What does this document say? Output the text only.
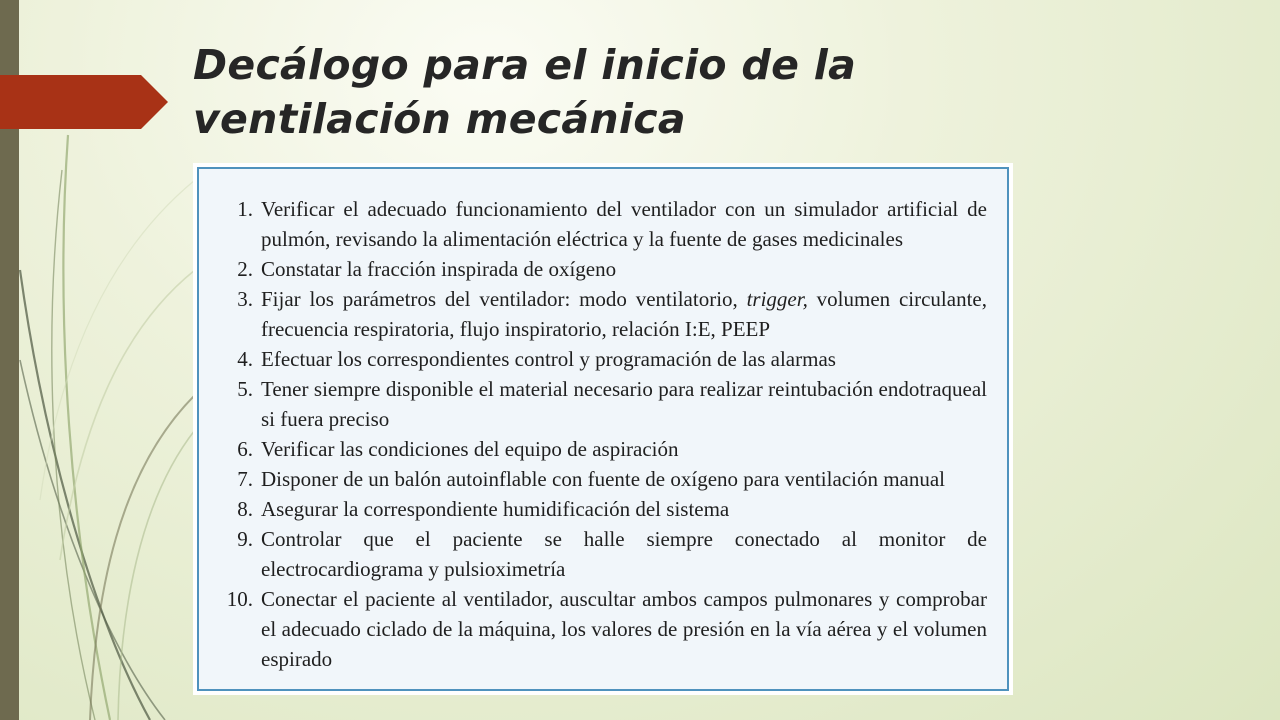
Decálogo para el inicio de la
ventilación mecánica
1. Verificar el adecuado funcionamiento del ventilador con un simulador artificial de pulmón, revisando la alimentación eléctrica y la fuente de gases medicinales
2. Constatar la fracción inspirada de oxígeno
3. Fijar los parámetros del ventilador: modo ventilatorio, trigger, volumen circulante, frecuencia respiratoria, flujo inspiratorio, relación I:E, PEEP
4. Efectuar los correspondientes control y programación de las alarmas
5. Tener siempre disponible el material necesario para realizar reintubación endotraqueal si fuera preciso
6. Verificar las condiciones del equipo de aspiración
7. Disponer de un balón autoinflable con fuente de oxígeno para ventilación manual
8. Asegurar la correspondiente humidificación del sistema
9. Controlar que el paciente se halle siempre conectado al monitor de electrocardiograma y pulsioximetría
10. Conectar el paciente al ventilador, auscultar ambos campos pulmonares y comprobar el adecuado ciclado de la máquina, los valores de presión en la vía aérea y el volumen espirado
